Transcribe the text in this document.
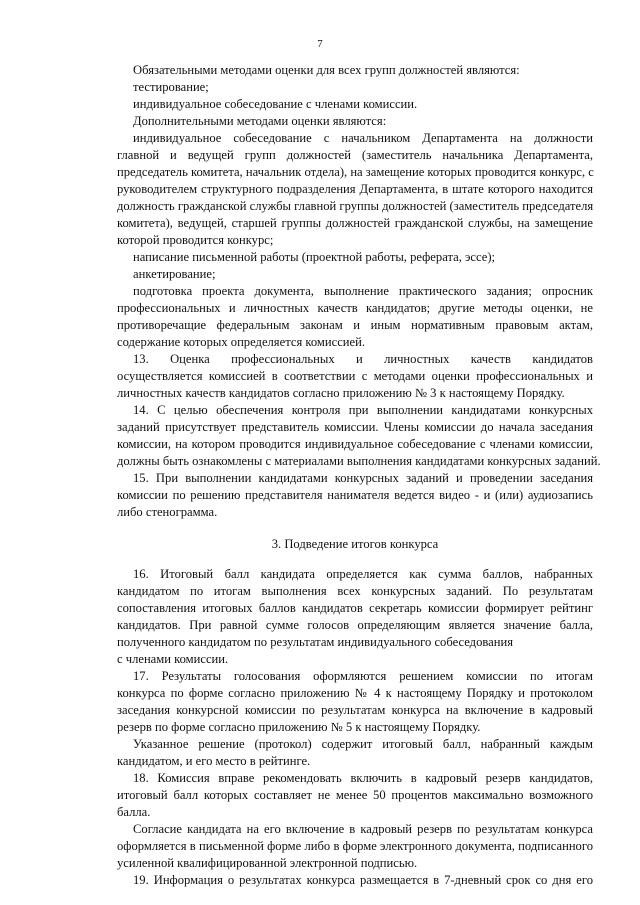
7
Обязательными методами оценки для всех групп должностей являются:
тестирование;
индивидуальное собеседование с членами комиссии.
Дополнительными методами оценки являются:
индивидуальное собеседование с начальником Департамента на должности
главной и ведущей групп должностей (заместитель начальника Департамента,
председатель комитета, начальник отдела), на замещение которых проводится конкурс, с
руководителем структурного подразделения Департамента, в штате которого находится
должность гражданской службы главной группы должностей (заместитель председателя
комитета), ведущей, старшей группы должностей гражданской службы, на замещение
которой проводится конкурс;
написание письменной работы (проектной работы, реферата, эссе);
анкетирование;
подготовка проекта документа, выполнение практического задания; опросник
профессиональных и личностных качеств кандидатов; другие методы оценки, не
противоречащие федеральным законам и иным нормативным правовым актам,
содержание которых определяется комиссией.
13. Оценка профессиональных и личностных качеств кандидатов
осуществляется комиссией в соответствии с методами оценки профессиональных и
личностных качеств кандидатов согласно приложению № 3 к настоящему Порядку.
14. С целью обеспечения контроля при выполнении кандидатами конкурсных
заданий присутствует представитель комиссии. Члены комиссии до начала заседания
комиссии, на котором проводится индивидуальное собеседование с членами комиссии,
должны быть ознакомлены с материалами выполнения кандидатами конкурсных заданий.
15. При выполнении кандидатами конкурсных заданий и проведении заседания
комиссии по решению представителя нанимателя ведется видео - и (или) аудиозапись
либо стенограмма.
3. Подведение итогов конкурса
16. Итоговый балл кандидата определяется как сумма баллов, набранных
кандидатом по итогам выполнения всех конкурсных заданий. По результатам
сопоставления итоговых баллов кандидатов секретарь комиссии формирует рейтинг
кандидатов. При равной сумме голосов определяющим является значение балла,
полученного кандидатом по результатам индивидуального собеседования
с членами комиссии.
17. Результаты голосования оформляются решением комиссии по итогам
конкурса по форме согласно приложению № 4 к настоящему Порядку и протоколом
заседания конкурсной комиссии по результатам конкурса на включение в кадровый
резерв по форме согласно приложению № 5 к настоящему Порядку.
Указанное решение (протокол) содержит итоговый балл, набранный каждым
кандидатом, и его место в рейтинге.
18. Комиссия вправе рекомендовать включить в кадровый резерв кандидатов,
итоговый балл которых составляет не менее 50 процентов максимально возможного
балла.
Согласие кандидата на его включение в кадровый резерв по результатам конкурса
оформляется в письменной форме либо в форме электронного документа, подписанного
усиленной квалифицированной электронной подписью.
19. Информация о результатах конкурса размещается в 7-дневный срок со дня его
